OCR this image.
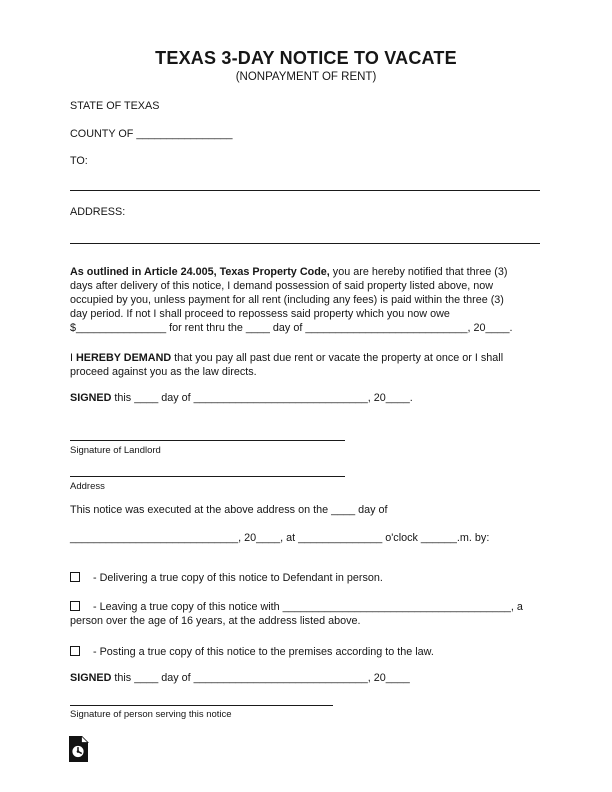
TEXAS 3-DAY NOTICE TO VACATE
(NONPAYMENT OF RENT)
STATE OF TEXAS
COUNTY OF ________________
TO:
ADDRESS:
As outlined in Article 24.005, Texas Property Code, you are hereby notified that three (3)
days after delivery of this notice, I demand possession of said property listed above, now
occupied by you, unless payment for all rent (including any fees) is paid within the three (3)
day period. If not I shall proceed to repossess said property which you now owe
$_______________ for rent thru the ____ day of ___________________________, 20____.
I HEREBY DEMAND that you pay all past due rent or vacate the property at once or I shall
proceed against you as the law directs.
SIGNED this ____ day of _____________________________, 20____.
Signature of Landlord
Address
This notice was executed at the above address on the ____ day of
____________________________, 20____, at ______________ o'clock ______.m. by:
- Delivering a true copy of this notice to Defendant in person.
- Leaving a true copy of this notice with ______________________________________, a
person over the age of 16 years, at the address listed above.
- Posting a true copy of this notice to the premises according to the law.
SIGNED this ____ day of _____________________________, 20____
Signature of person serving this notice
